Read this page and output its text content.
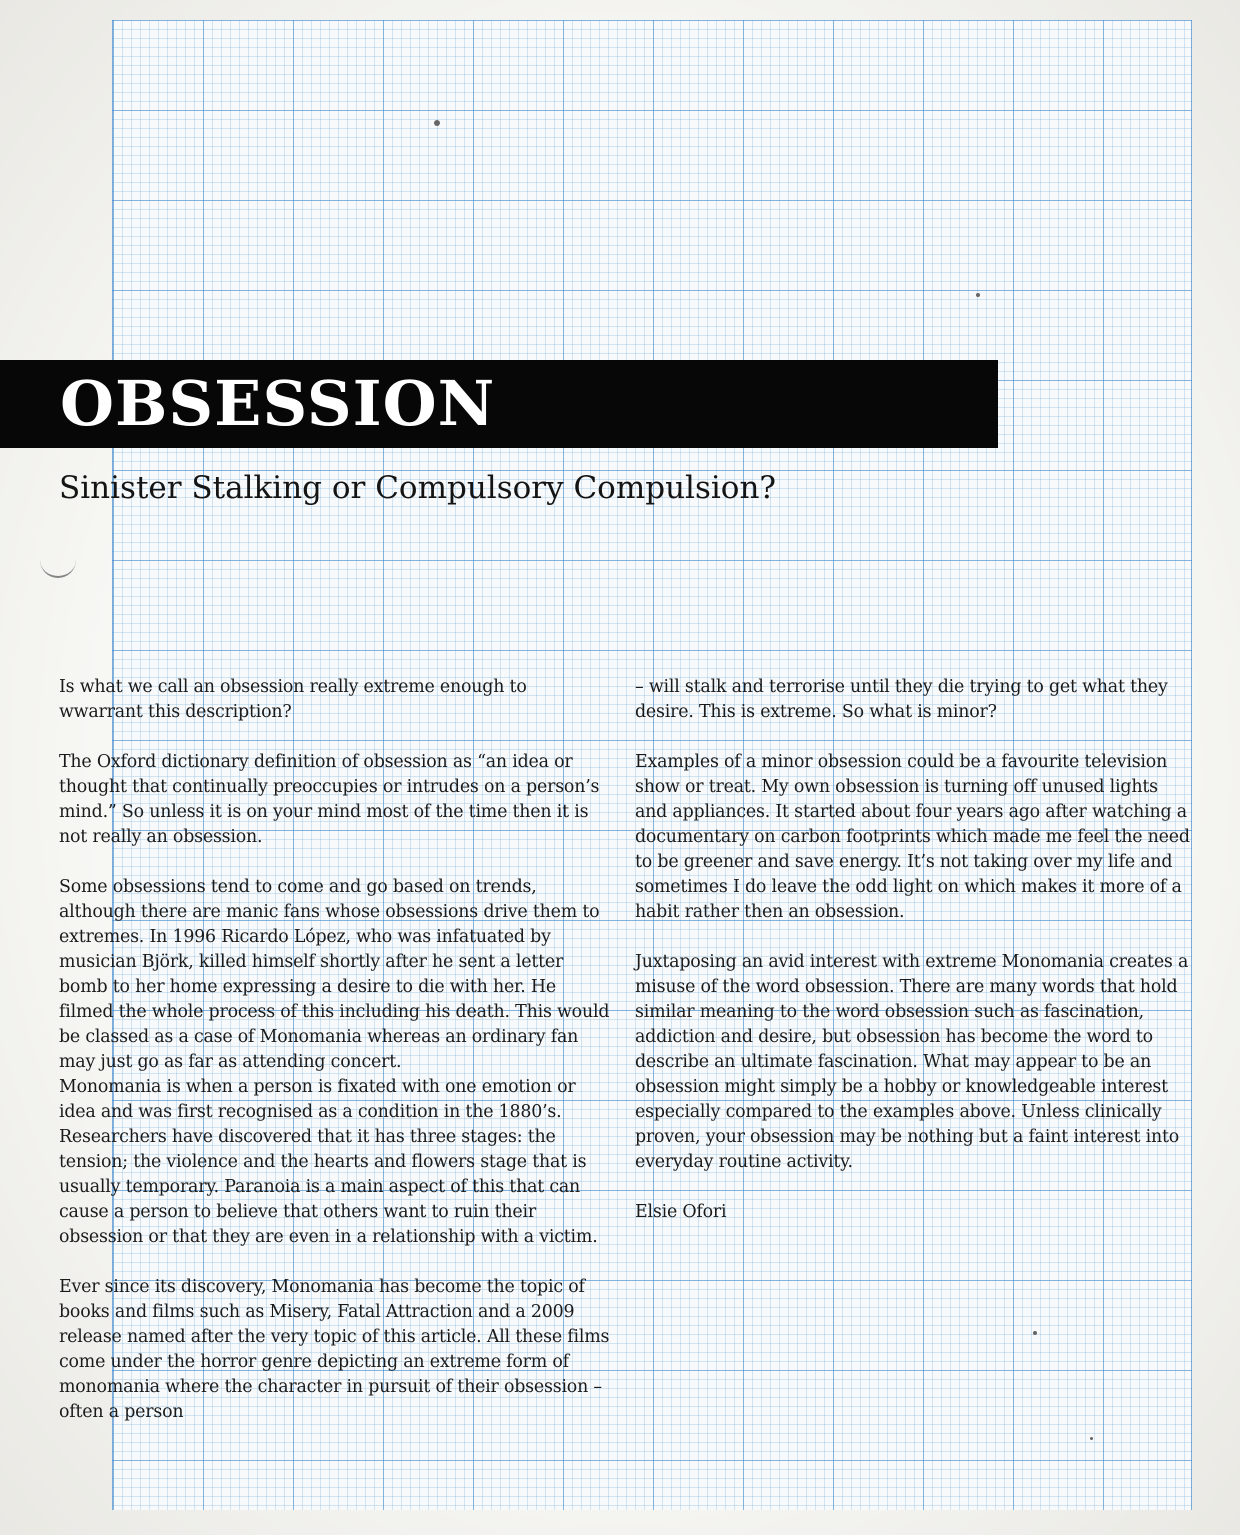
OBSESSION
Sinister Stalking or Compulsory Compulsion?

Is what we call an obsession really extreme enough to wwarrant this description?

The Oxford dictionary definition of obsession as “an idea or thought that continually preoccupies or intrudes on a person’s mind.” So unless it is on your mind most of the time then it is not really an obsession.

Some obsessions tend to come and go based on trends, although there are manic fans whose obsessions drive them to extremes. In 1996 Ricardo López, who was infatuated by musician Björk, killed himself shortly after he sent a letter bomb to her home expressing a desire to die with her. He filmed the whole process of this including his death. This would be classed as a case of Monomania whereas an ordinary fan may just go as far as attending concert.

Monomania is when a person is fixated with one emotion or idea and was first recognised as a condition in the 1880’s. Researchers have discovered that it has three stages: the tension; the violence and the hearts and flowers stage that is usually temporary. Paranoia is a main aspect of this that can cause a person to believe that others want to ruin their obsession or that they are even in a relationship with a victim.

Ever since its discovery, Monomania has become the topic of books and films such as Misery, Fatal Attraction and a 2009 release named after the very topic of this article. All these films come under the horror genre depicting an extreme form of monomania where the character in pursuit of their obsession – often a person

– will stalk and terrorise until they die trying to get what they desire. This is extreme. So what is minor?

Examples of a minor obsession could be a favourite television show or treat. My own obsession is turning off unused lights and appliances. It started about four years ago after watching a documentary on carbon footprints which made me feel the need to be greener and save energy. It’s not taking over my life and sometimes I do leave the odd light on which makes it more of a habit rather then an obsession.

Juxtaposing an avid interest with extreme Monomania creates a misuse of the word obsession. There are many words that hold similar meaning to the word obsession such as fascination, addiction and desire, but obsession has become the word to describe an ultimate fascination. What may appear to be an obsession might simply be a hobby or knowledgeable interest especially compared to the examples above. Unless clinically proven, your obsession may be nothing but a faint interest into everyday routine activity.

Elsie Ofori
